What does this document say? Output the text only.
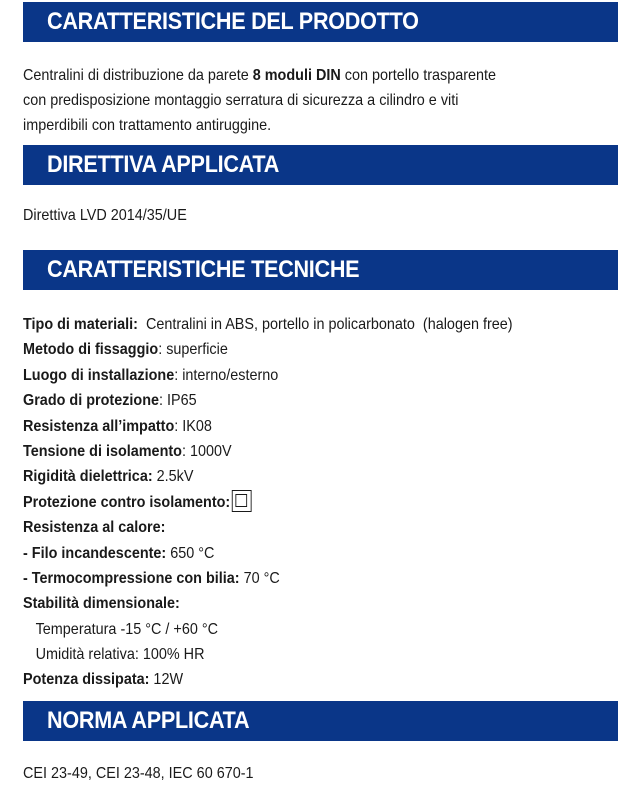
CARATTERISTICHE DEL PRODOTTO
Centralini di distribuzione da parete 8 moduli DIN con portello trasparente
con predisposizione montaggio serratura di sicurezza a cilindro e viti
imperdibili con trattamento antiruggine.
DIRETTIVA APPLICATA
Direttiva LVD 2014/35/UE
CARATTERISTICHE TECNICHE
Tipo di materiali:  Centralini in ABS, portello in policarbonato  (halogen free)
Metodo di fissaggio: superficie
Luogo di installazione: interno/esterno
Grado di protezione: IP65
Resistenza all’impatto: IK08
Tensione di isolamento: 1000V
Rigidità dielettrica: 2.5kV
Protezione contro isolamento:
Resistenza al calore:
- Filo incandescente: 650 °C
- Termocompressione con bilia: 70 °C
Stabilità dimensionale:
Temperatura -15 °C / +60 °C
Umidità relativa: 100% HR
Potenza dissipata: 12W
NORMA APPLICATA
CEI 23-49, CEI 23-48, IEC 60 670-1
